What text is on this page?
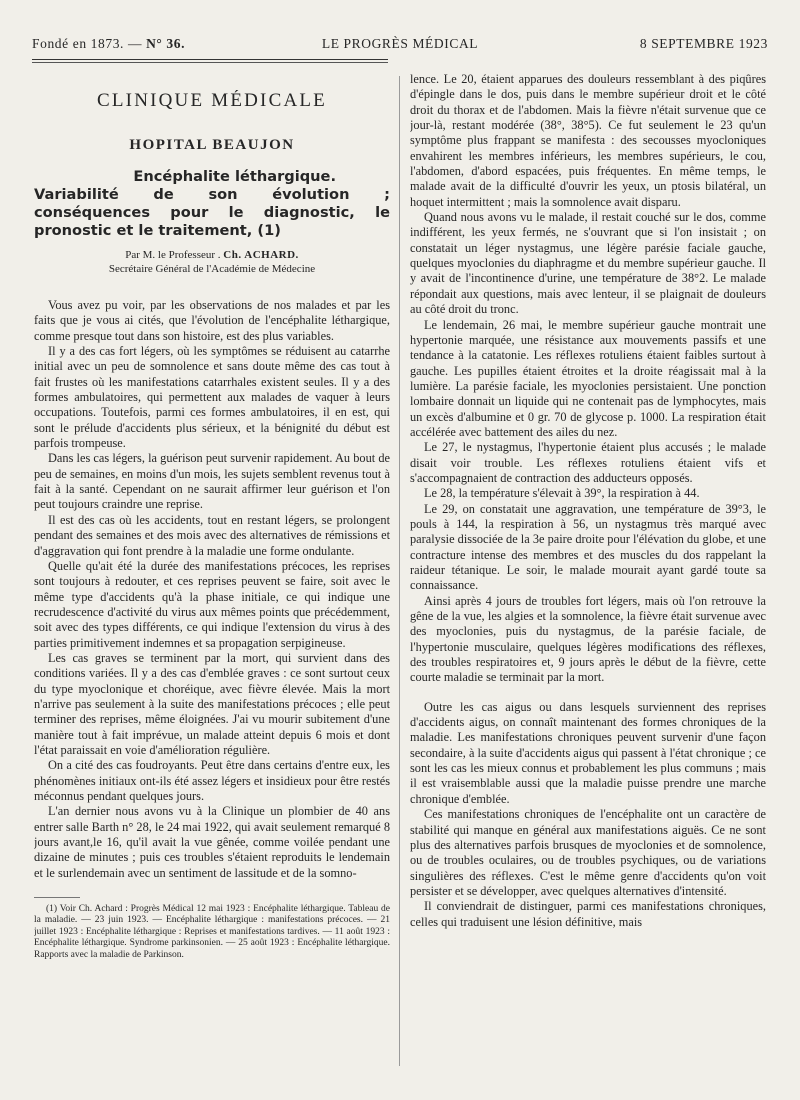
Fondé en 1873. — N° 36.	LE PROGRÈS MÉDICAL	8 SEPTEMBRE 1923
CLINIQUE MÉDICALE
HOPITAL BEAUJON
Encéphalite léthargique.
Variabilité de son évolution ; conséquences pour le diagnostic, le pronostic et le traitement, (1)

Par M. le Professeur . Ch. ACHARD.

Secrétaire Général de l'Académie de Médecine

Vous avez pu voir, par les observations de nos malades et par les faits que je vous ai cités, que l'évolution de l'encéphalite léthargique, comme presque tout dans son histoire, est des plus variables.

Il y a des cas fort légers, où les symptômes se réduisent au catarrhe initial avec un peu de somnolence et sans doute même des cas tout à fait frustes où les manifestations catarrhales existent seules. Il y a des formes ambulatoires, qui permettent aux malades de vaquer à leurs occupations. Toutefois, parmi ces formes ambulatoires, il en est, qui sont le prélude d'accidents plus sérieux, et la bénignité du début est parfois trompeuse.

Dans les cas légers, la guérison peut survenir rapidement. Au bout de peu de semaines, en moins d'un mois, les sujets semblent revenus tout à fait à la santé. Cependant on ne saurait affirmer leur guérison et l'on peut toujours craindre une reprise.

Il est des cas où les accidents, tout en restant légers, se prolongent pendant des semaines et des mois avec des alternatives de rémissions et d'aggravation qui font prendre à la maladie une forme ondulante.

Quelle qu'ait été la durée des manifestations précoces, les reprises sont toujours à redouter, et ces reprises peuvent se faire, soit avec le même type d'accidents qu'à la phase initiale, ce qui indique une recrudescence d'activité du virus aux mêmes points que précédemment, soit avec des types différents, ce qui indique l'extension du virus à des parties primitivement indemnes et sa propagation serpigineuse.

Les cas graves se terminent par la mort, qui survient dans des conditions variées. Il y a des cas d'emblée graves : ce sont surtout ceux du type myoclonique et choréique, avec fièvre élevée. Mais la mort n'arrive pas seulement à la suite des manifestations précoces ; elle peut terminer des reprises, même éloignées. J'ai vu mourir subitement d'une manière tout à fait imprévue, un malade atteint depuis 6 mois et dont l'état paraissait en voie d'amélioration régulière.

On a cité des cas foudroyants. Peut être dans certains d'entre eux, les phénomènes initiaux ont-ils été assez légers et insidieux pour être restés méconnus pendant quelques jours.

L'an dernier nous avons vu à la Clinique un plombier de 40 ans entrer salle Barth n° 28, le 24 mai 1922, qui avait seulement remarqué 8 jours avant,le 16, qu'il avait la vue gênée, comme voilée pendant une dizaine de minutes ; puis ces troubles s'étaient reproduits le lendemain et le surlendemain avec un sentiment de lassitude et de la somno-

(1) Voir Ch. Achard : Progrès Médical 12 mai 1923 : Encéphalite léthargique. Tableau de la maladie. — 23 juin 1923. — Encéphalite léthargique : manifestations précoces. — 21 juillet 1923 : Encéphalite léthargique : Reprises et manifestations tardives. — 11 août 1923 : Encéphalite léthargique. Syndrome parkinsonien. — 25 août 1923 : Encéphalite léthargique. Rapports avec la maladie de Parkinson.

lence. Le 20, étaient apparues des douleurs ressemblant à des piqûres d'épingle dans le dos, puis dans le membre supérieur droit et le côté droit du thorax et de l'abdomen. Mais la fièvre n'était survenue que ce jour-là, restant modérée (38°, 38°5). Ce fut seulement le 23 qu'un symptôme plus frappant se manifesta : des secousses myocloniques envahirent les membres inférieurs, les membres supérieurs, le cou, l'abdomen, d'abord espacées, puis fréquentes. En même temps, le malade avait de la difficulté d'ouvrir les yeux, un ptosis bilatéral, un hoquet intermittent ; mais la somnolence avait disparu.

Quand nous avons vu le malade, il restait couché sur le dos, comme indifférent, les yeux fermés, ne s'ouvrant que si l'on insistait ; on constatait un léger nystagmus, une légère parésie faciale gauche, quelques myoclonies du diaphragme et du membre supérieur gauche. Il y avait de l'incontinence d'urine, une température de 38°2. Le malade répondait aux questions, mais avec lenteur, il se plaignait de douleurs au côté droit du tronc.

Le lendemain, 26 mai, le membre supérieur gauche montrait une hypertonie marquée, une résistance aux mouvements passifs et une tendance à la catatonie. Les réflexes rotuliens étaient faibles surtout à gauche. Les pupilles étaient étroites et la droite réagissait mal à la lumière. La parésie faciale, les myoclonies persistaient. Une ponction lombaire donnait un liquide qui ne contenait pas de lymphocytes, mais un excès d'albumine et 0 gr. 70 de glycose p. 1000. La respiration était accélérée avec battement des ailes du nez.

Le 27, le nystagmus, l'hypertonie étaient plus accusés ; le malade disait voir trouble. Les réflexes rotuliens étaient vifs et s'accompagnaient de contraction des adducteurs opposés.

Le 28, la température s'élevait à 39°, la respiration à 44.

Le 29, on constatait une aggravation, une température de 39°3, le pouls à 144, la respiration à 56, un nystagmus très marqué avec paralysie dissociée de la 3e paire droite pour l'élévation du globe, et une contracture intense des membres et des muscles du dos rappelant la raideur tétanique. Le soir, le malade mourait ayant gardé toute sa connaissance.

Ainsi après 4 jours de troubles fort légers, mais où l'on retrouve la gêne de la vue, les algies et la somnolence, la fièvre était survenue avec des myoclonies, puis du nystagmus, de la parésie faciale, de l'hypertonie musculaire, quelques légères modifications des réflexes, des troubles respiratoires et, 9 jours après le début de la fièvre, cette courte maladie se terminait par la mort.

Outre les cas aigus ou dans lesquels surviennent des reprises d'accidents aigus, on connaît maintenant des formes chroniques de la maladie. Les manifestations chroniques peuvent survenir d'une façon secondaire, à la suite d'accidents aigus qui passent à l'état chronique ; ce sont les cas les mieux connus et probablement les plus communs ; mais il est vraisemblable aussi que la maladie puisse prendre une marche chronique d'emblée.

Ces manifestations chroniques de l'encéphalite ont un caractère de stabilité qui manque en général aux manifestations aiguës. Ce ne sont plus des alternatives parfois brusques de myoclonies et de somnolence, ou de troubles oculaires, ou de troubles psychiques, ou de variations singulières des réflexes. C'est le même genre d'accidents qu'on voit persister et se développer, avec quelques alternatives d'intensité.

Il conviendrait de distinguer, parmi ces manifestations chroniques, celles qui traduisent une lésion définitive, mais
